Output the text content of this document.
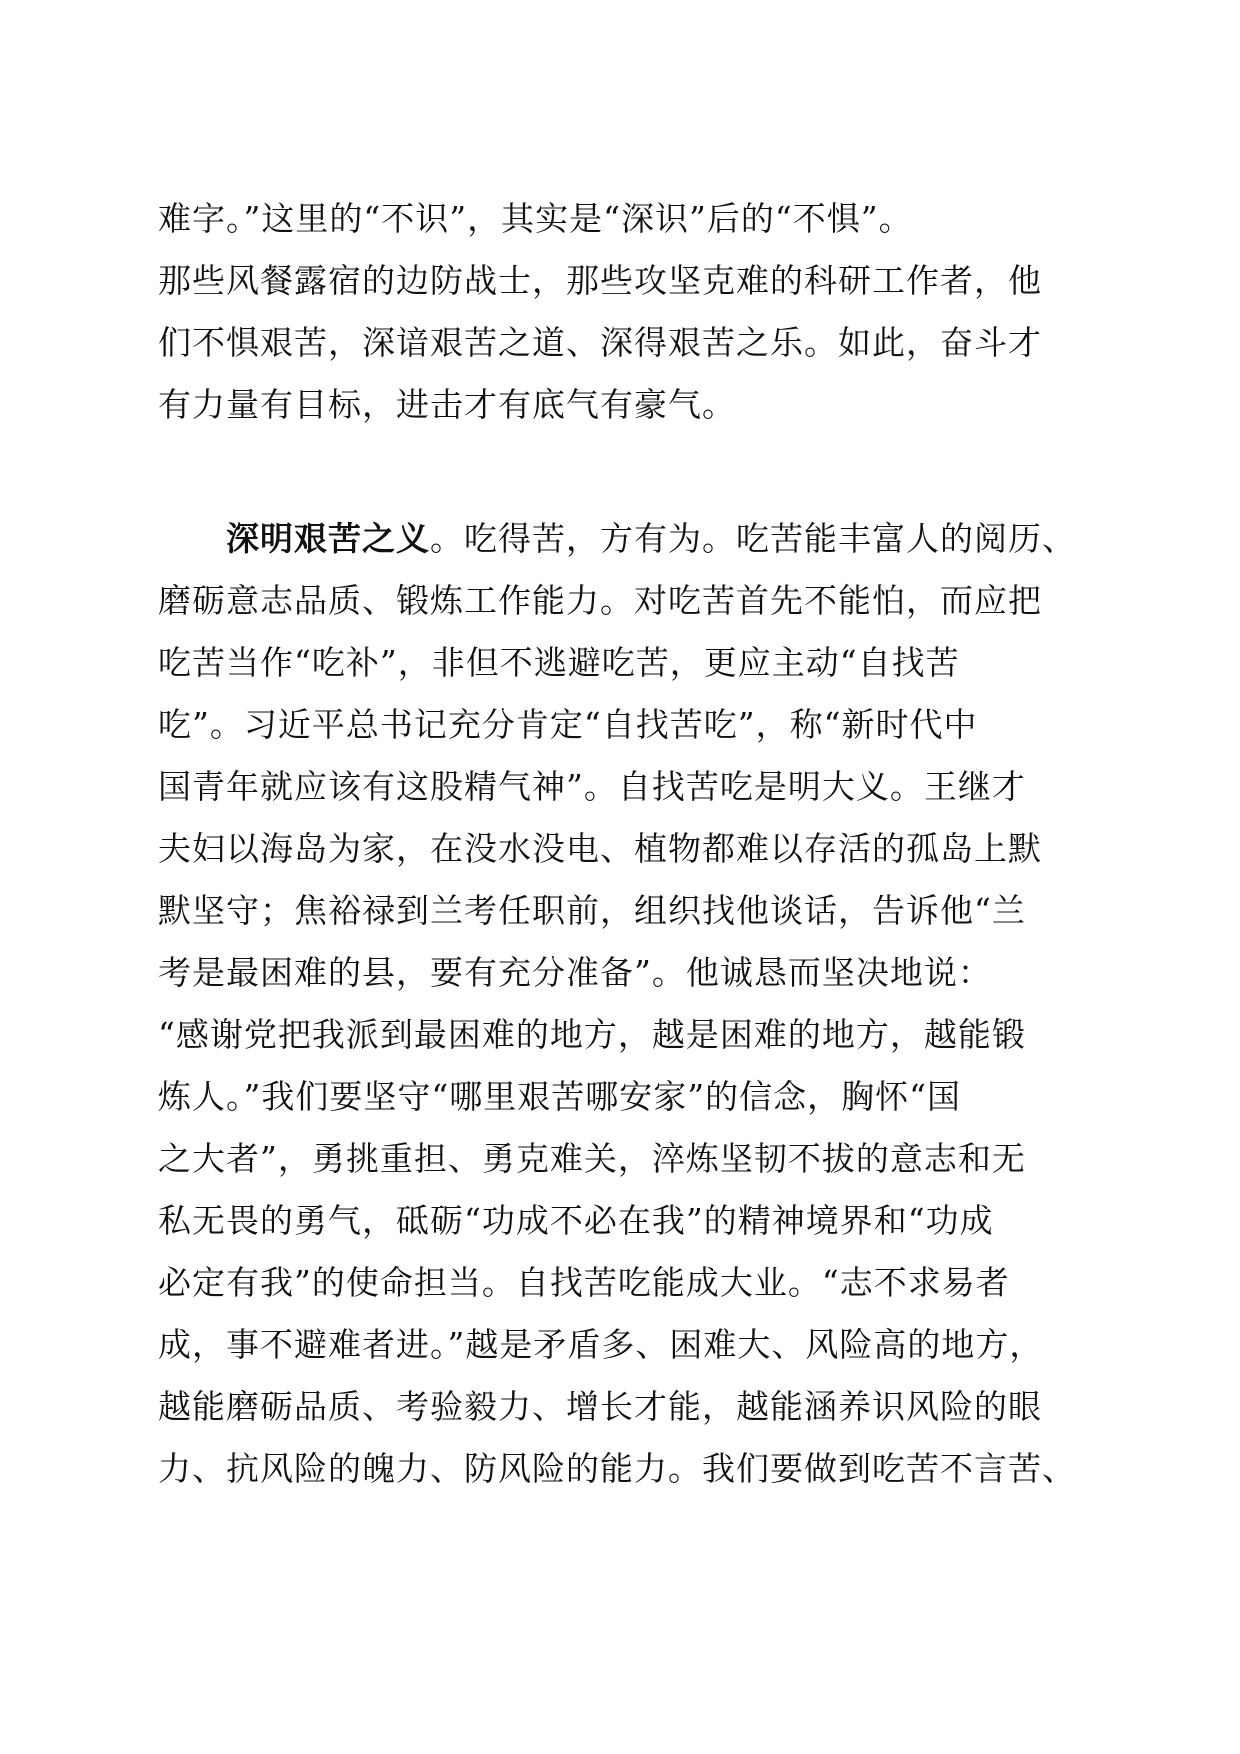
难字。”这里的“不识”，其实是“深识”后的“不惧”。
那些风餐露宿的边防战士，那些攻坚克难的科研工作者，他
们不惧艰苦，深谙艰苦之道、深得艰苦之乐。如此，奋斗才
有力量有目标，进击才有底气有豪气。
　　深明艰苦之义。吃得苦，方有为。吃苦能丰富人的阅历、
磨砺意志品质、锻炼工作能力。对吃苦首先不能怕，而应把
吃苦当作“吃补”，非但不逃避吃苦，更应主动“自找苦
吃”。习近平总书记充分肯定“自找苦吃”，称“新时代中
国青年就应该有这股精气神”。自找苦吃是明大义。王继才
夫妇以海岛为家，在没水没电、植物都难以存活的孤岛上默
默坚守；焦裕禄到兰考任职前，组织找他谈话，告诉他“兰
考是最困难的县，要有充分准备”。他诚恳而坚决地说：
“感谢党把我派到最困难的地方，越是困难的地方，越能锻
炼人。”我们要坚守“哪里艰苦哪安家”的信念，胸怀“国
之大者”，勇挑重担、勇克难关，淬炼坚韧不拔的意志和无
私无畏的勇气，砥砺“功成不必在我”的精神境界和“功成
必定有我”的使命担当。自找苦吃能成大业。“志不求易者
成，事不避难者进。”越是矛盾多、困难大、风险高的地方，
越能磨砺品质、考验毅力、增长才能，越能涵养识风险的眼
力、抗风险的魄力、防风险的能力。我们要做到吃苦不言苦、
